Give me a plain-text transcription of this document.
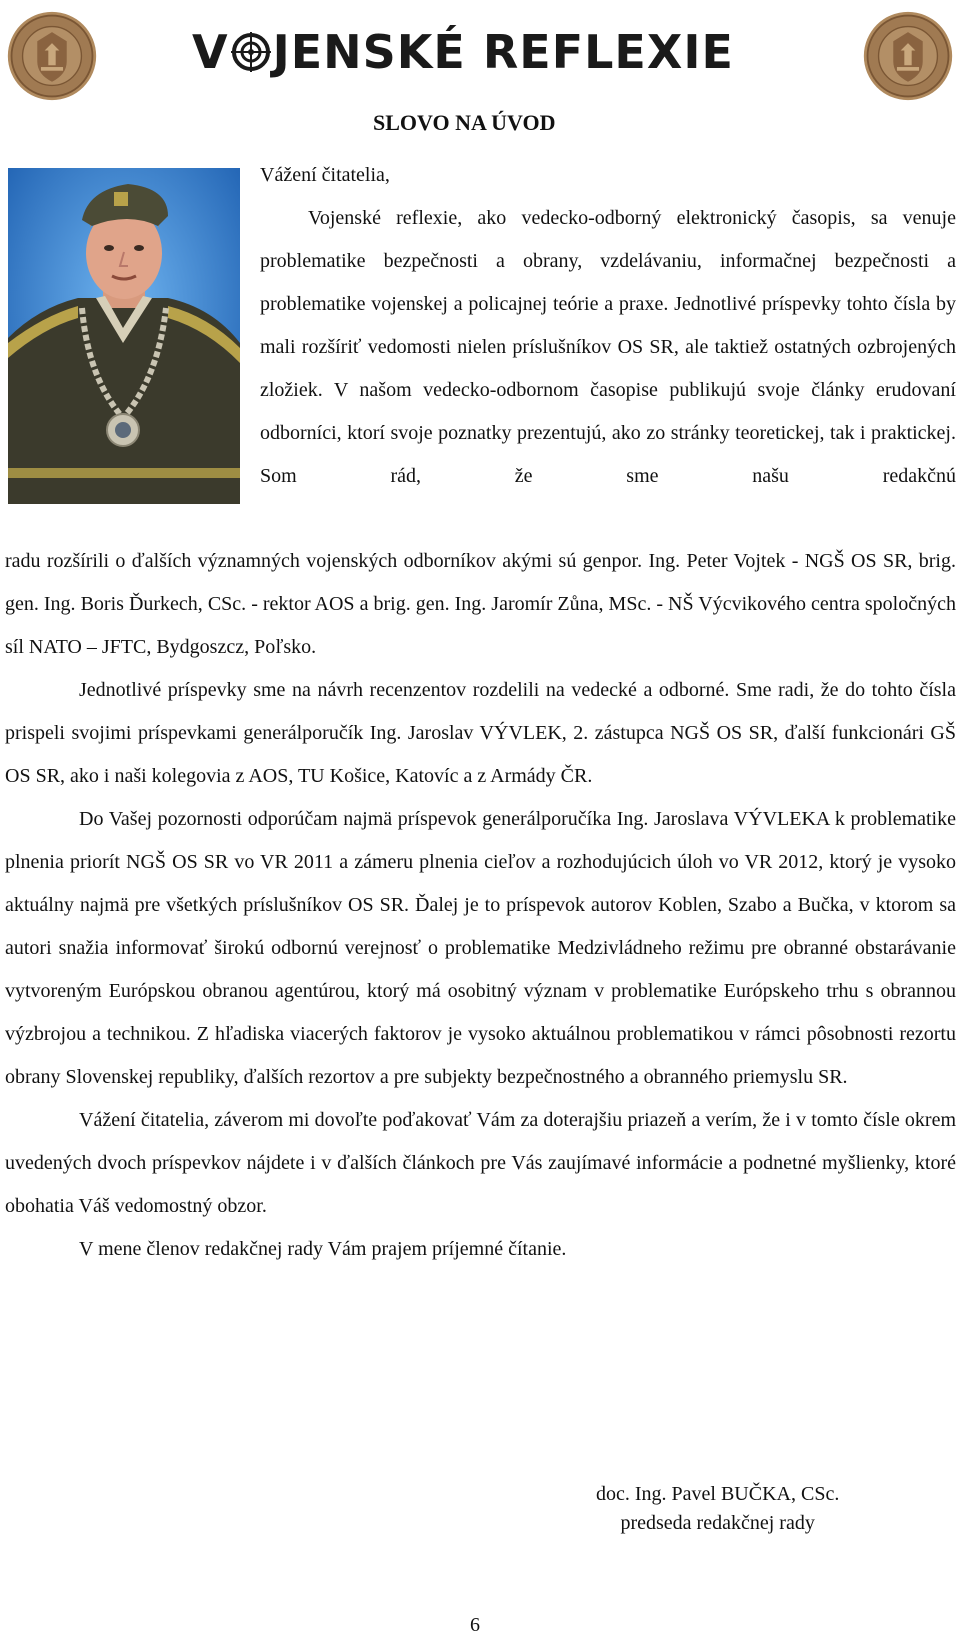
V JENSKÉ REFLEXIE
SLOVO NA ÚVOD
Vážení čitatelia,

Vojenské reflexie, ako vedecko-odborný elektronický časopis, sa venuje problematike bezpečnosti a obrany, vzdelávaniu, informačnej bezpečnosti a problematike vojenskej a policajnej teórie a praxe. Jednotlivé príspevky tohto čísla by mali rozšíriť vedomosti nielen príslušníkov OS SR, ale taktiež ostatných ozbrojených zložiek. V našom vedecko-odbornom časopise publikujú svoje články erudovaní odborníci, ktorí svoje poznatky prezentujú, ako zo stránky teoretickej, tak i praktickej. Som rád, že sme našu redakčnú

radu rozšírili o ďalších významných vojenských odborníkov akými sú genpor. Ing. Peter Vojtek - NGŠ OS SR, brig. gen. Ing. Boris Ďurkech, CSc. - rektor AOS a brig. gen. Ing. Jaromír Zůna, MSc. - NŠ Výcvikového centra spoločných síl NATO – JFTC, Bydgoszcz, Poľsko.

Jednotlivé príspevky sme na návrh recenzentov rozdelili na vedecké a odborné. Sme radi, že do tohto čísla prispeli svojimi príspevkami generálporučík Ing. Jaroslav VÝVLEK, 2. zástupca NGŠ OS SR, ďalší funkcionári GŠ OS SR, ako i naši kolegovia z AOS, TU Košice, Katovíc a z Armády ČR.

Do Vašej pozornosti odporúčam najmä príspevok generálporučíka Ing. Jaroslava VÝVLEKA k problematike plnenia priorít NGŠ OS SR vo VR 2011 a zámeru plnenia cieľov a rozhodujúcich úloh vo VR 2012, ktorý je vysoko aktuálny najmä pre všetkých príslušníkov OS SR. Ďalej je to príspevok autorov Koblen, Szabo a Bučka, v ktorom sa autori snažia informovať širokú odbornú verejnosť o problematike Medzivládneho režimu pre obranné obstarávanie vytvoreným Európskou obranou agentúrou, ktorý má osobitný význam v problematike Európskeho trhu s obrannou výzbrojou a technikou. Z hľadiska viacerých faktorov je vysoko aktuálnou problematikou v rámci pôsobnosti rezortu obrany Slovenskej republiky, ďalších rezortov a pre subjekty bezpečnostného a obranného priemyslu SR.

Vážení čitatelia, záverom mi dovoľte poďakovať Vám za doterajšiu priazeň a verím, že i v tomto čísle okrem uvedených dvoch príspevkov nájdete i v ďalších článkoch pre Vás zaujímavé informácie a podnetné myšlienky, ktoré obohatia Váš vedomostný obzor.

V mene členov redakčnej rady Vám prajem príjemné čítanie.

doc. Ing. Pavel BUČKA, CSc.
predseda redakčnej rady
6
